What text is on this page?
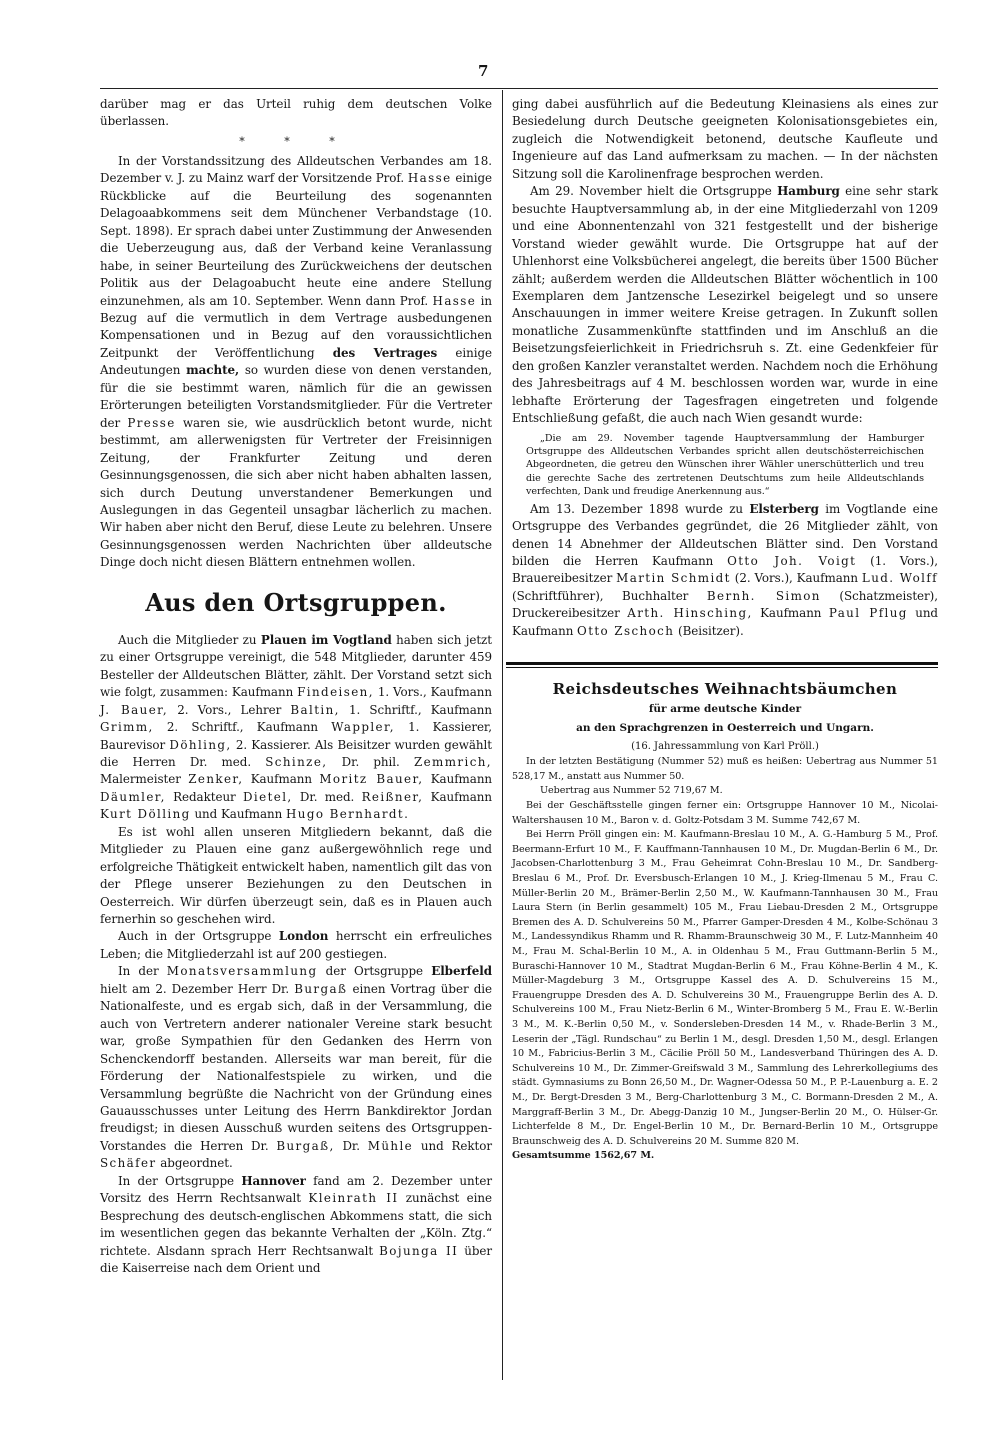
7

darüber mag er das Urteil ruhig dem deutschen Volke überlassen.

* * *

In der Vorstandssitzung des Alldeutschen Verbandes am 18. Dezember v. J. zu Mainz warf der Vorsitzende Prof. Hasse einige Rückblicke auf die Beurteilung des sogenannten Delagoaabkommens seit dem Münchener Verbandstage (10. Sept. 1898). Er sprach dabei unter Zustimmung der Anwesenden die Ueberzeugung aus, daß der Verband keine Veranlassung habe, in seiner Beurteilung des Zurückweichens der deutschen Politik aus der Delagoabucht heute eine andere Stellung einzunehmen, als am 10. September. Wenn dann Prof. Hasse in Bezug auf die vermutlich in dem Vertrage ausbedungenen Kompensationen und in Bezug auf den voraussichtlichen Zeitpunkt der Veröffentlichung des Vertrages einige Andeutungen machte, so wurden diese von denen verstanden, für die sie bestimmt waren, nämlich für die an gewissen Erörterungen beteiligten Vorstandsmitglieder. Für die Vertreter der Presse waren sie, wie ausdrücklich betont wurde, nicht bestimmt, am allerwenigsten für Vertreter der Freisinnigen Zeitung, der Frankfurter Zeitung und deren Gesinnungsgenossen, die sich aber nicht haben abhalten lassen, sich durch Deutung unverstandener Bemerkungen und Auslegungen in das Gegenteil unsagbar lächerlich zu machen. Wir haben aber nicht den Beruf, diese Leute zu belehren. Unsere Gesinnungsgenossen werden Nachrichten über alldeutsche Dinge doch nicht diesen Blättern entnehmen wollen.

Aus den Ortsgruppen.

Auch die Mitglieder zu Plauen im Vogtland haben sich jetzt zu einer Ortsgruppe vereinigt, die 548 Mitglieder, darunter 459 Besteller der Alldeutschen Blätter, zählt. Der Vorstand setzt sich wie folgt, zusammen: Kaufmann Findeisen, 1. Vors., Kaufmann J. Bauer, 2. Vors., Lehrer Baltin, 1. Schriftf., Kaufmann Grimm, 2. Schriftf., Kaufmann Wappler, 1. Kassierer, Baurevisor Döhling, 2. Kassierer. Als Beisitzer wurden gewählt die Herren Dr. med. Schinze, Dr. phil. Zemmrich, Malermeister Zenker, Kaufmann Moritz Bauer, Kaufmann Däumler, Redakteur Dietel, Dr. med. Reißner, Kaufmann Kurt Dölling und Kaufmann Hugo Bernhardt.

Es ist wohl allen unseren Mitgliedern bekannt, daß die Mitglieder zu Plauen eine ganz außergewöhnlich rege und erfolgreiche Thätigkeit entwickelt haben, namentlich gilt das von der Pflege unserer Beziehungen zu den Deutschen in Oesterreich. Wir dürfen überzeugt sein, daß es in Plauen auch fernerhin so geschehen wird.

Auch in der Ortsgruppe London herrscht ein erfreuliches Leben; die Mitgliederzahl ist auf 200 gestiegen.

In der Monatsversammlung der Ortsgruppe Elberfeld hielt am 2. Dezember Herr Dr. Burgaß einen Vortrag über die Nationalfeste, und es ergab sich, daß in der Versammlung, die auch von Vertretern anderer nationaler Vereine stark besucht war, große Sympathien für den Gedanken des Herrn von Schenckendorff bestanden. Allerseits war man bereit, für die Förderung der Nationalfestspiele zu wirken, und die Versammlung begrüßte die Nachricht von der Gründung eines Gauausschusses unter Leitung des Herrn Bankdirektor Jordan freudigst; in diesen Ausschuß wurden seitens des Ortsgruppen-Vorstandes die Herren Dr. Burgaß, Dr. Mühle und Rektor Schäfer abgeordnet.

In der Ortsgruppe Hannover fand am 2. Dezember unter Vorsitz des Herrn Rechtsanwalt Kleinrath II zunächst eine Besprechung des deutsch-englischen Abkommens statt, die sich im wesentlichen gegen das bekannte Verhalten der „Köln. Ztg.“ richtete. Alsdann sprach Herr Rechtsanwalt Bojunga II über die Kaiserreise nach dem Orient und

ging dabei ausführlich auf die Bedeutung Kleinasiens als eines zur Besiedelung durch Deutsche geeigneten Kolonisationsgebietes ein, zugleich die Notwendigkeit betonend, deutsche Kaufleute und Ingenieure auf das Land aufmerksam zu machen. — In der nächsten Sitzung soll die Karolinenfrage besprochen werden.

Am 29. November hielt die Ortsgruppe Hamburg eine sehr stark besuchte Hauptversammlung ab, in der eine Mitgliederzahl von 1209 und eine Abonnentenzahl von 321 festgestellt und der bisherige Vorstand wieder gewählt wurde. Die Ortsgruppe hat auf der Uhlenhorst eine Volksbücherei angelegt, die bereits über 1500 Bücher zählt; außerdem werden die Alldeutschen Blätter wöchentlich in 100 Exemplaren dem Jantzensche Lesezirkel beigelegt und so unsere Anschauungen in immer weitere Kreise getragen. In Zukunft sollen monatliche Zusammenkünfte stattfinden und im Anschluß an die Beisetzungsfeierlichkeit in Friedrichsruh s. Zt. eine Gedenkfeier für den großen Kanzler veranstaltet werden. Nachdem noch die Erhöhung des Jahresbeitrags auf 4 M. beschlossen worden war, wurde in eine lebhafte Erörterung der Tagesfragen eingetreten und folgende Entschließung gefaßt, die auch nach Wien gesandt wurde:

„Die am 29. November tagende Hauptversammlung der Hamburger Ortsgruppe des Alldeutschen Verbandes spricht allen deutschösterreichischen Abgeordneten, die getreu den Wünschen ihrer Wähler unerschütterlich und treu die gerechte Sache des zertretenen Deutschtums zum heile Alldeutschlands verfechten, Dank und freudige Anerkennung aus.“

Am 13. Dezember 1898 wurde zu Elsterberg im Vogtlande eine Ortsgruppe des Verbandes gegründet, die 26 Mitglieder zählt, von denen 14 Abnehmer der Alldeutschen Blätter sind. Den Vorstand bilden die Herren Kaufmann Otto Joh. Voigt (1. Vors.), Brauereibesitzer Martin Schmidt (2. Vors.), Kaufmann Lud. Wolff (Schriftführer), Buchhalter Bernh. Simon (Schatzmeister), Druckereibesitzer Arth. Hinsching, Kaufmann Paul Pflug und Kaufmann Otto Zschoch (Beisitzer).

Reichsdeutsches Weihnachtsbäumchen
für arme deutsche Kinder
an den Sprachgrenzen in Oesterreich und Ungarn.
(16. Jahressammlung von Karl Pröll.)

In der letzten Bestätigung (Nummer 52) muß es heißen: Uebertrag aus Nummer 51 528,17 M., anstatt aus Nummer 50.

Uebertrag aus Nummer 52 719,67 M.

Bei der Geschäftsstelle gingen ferner ein: Ortsgruppe Hannover 10 M., Nicolai-Waltershausen 10 M., Baron v. d. Goltz-Potsdam 3 M. Summe 742,67 M.

Bei Herrn Pröll gingen ein: M. Kaufmann-Breslau 10 M., A. G.-Hamburg 5 M., Prof. Beermann-Erfurt 10 M., F. Kauffmann-Tannhausen 10 M., Dr. Mugdan-Berlin 6 M., Dr. Jacobsen-Charlottenburg 3 M., Frau Geheimrat Cohn-Breslau 10 M., Dr. Sandberg-Breslau 6 M., Prof. Dr. Eversbusch-Erlangen 10 M., J. Krieg-Ilmenau 5 M., Frau C. Müller-Berlin 20 M., Brämer-Berlin 2,50 M., W. Kaufmann-Tannhausen 30 M., Frau Laura Stern (in Berlin gesammelt) 105 M., Frau Liebau-Dresden 2 M., Ortsgruppe Bremen des A. D. Schulvereins 50 M., Pfarrer Gamper-Dresden 4 M., Kolbe-Schönau 3 M., Landessyndikus Rhamm und R. Rhamm-Braunschweig 30 M., F. Lutz-Mannheim 40 M., Frau M. Schal-Berlin 10 M., A. in Oldenhau 5 M., Frau Guttmann-Berlin 5 M., Buraschi-Hannover 10 M., Stadtrat Mugdan-Berlin 6 M., Frau Köhne-Berlin 4 M., K. Müller-Magdeburg 3 M., Ortsgruppe Kassel des A. D. Schulvereins 15 M., Frauengruppe Dresden des A. D. Schulvereins 30 M., Frauengruppe Berlin des A. D. Schulvereins 100 M., Frau Nietz-Berlin 6 M., Winter-Bromberg 5 M., Frau E. W.-Berlin 3 M., M. K.-Berlin 0,50 M., v. Sondersleben-Dresden 14 M., v. Rhade-Berlin 3 M., Leserin der „Tägl. Rundschau“ zu Berlin 1 M., desgl. Dresden 1,50 M., desgl. Erlangen 10 M., Fabricius-Berlin 3 M., Cäcilie Pröll 50 M., Landesverband Thüringen des A. D. Schulvereins 10 M., Dr. Zimmer-Greifswald 3 M., Sammlung des Lehrerkollegiums des städt. Gymnasiums zu Bonn 26,50 M., Dr. Wagner-Odessa 50 M., P. P.-Lauenburg a. E. 2 M., Dr. Bergt-Dresden 3 M., Berg-Charlottenburg 3 M., C. Bormann-Dresden 2 M., A. Marggraff-Berlin 3 M., Dr. Abegg-Danzig 10 M., Jungser-Berlin 20 M., O. Hülser-Gr. Lichterfelde 8 M., Dr. Engel-Berlin 10 M., Dr. Bernard-Berlin 10 M., Ortsgruppe Braunschweig des A. D. Schulvereins 20 M. Summe 820 M.

Gesamtsumme 1562,67 M.
